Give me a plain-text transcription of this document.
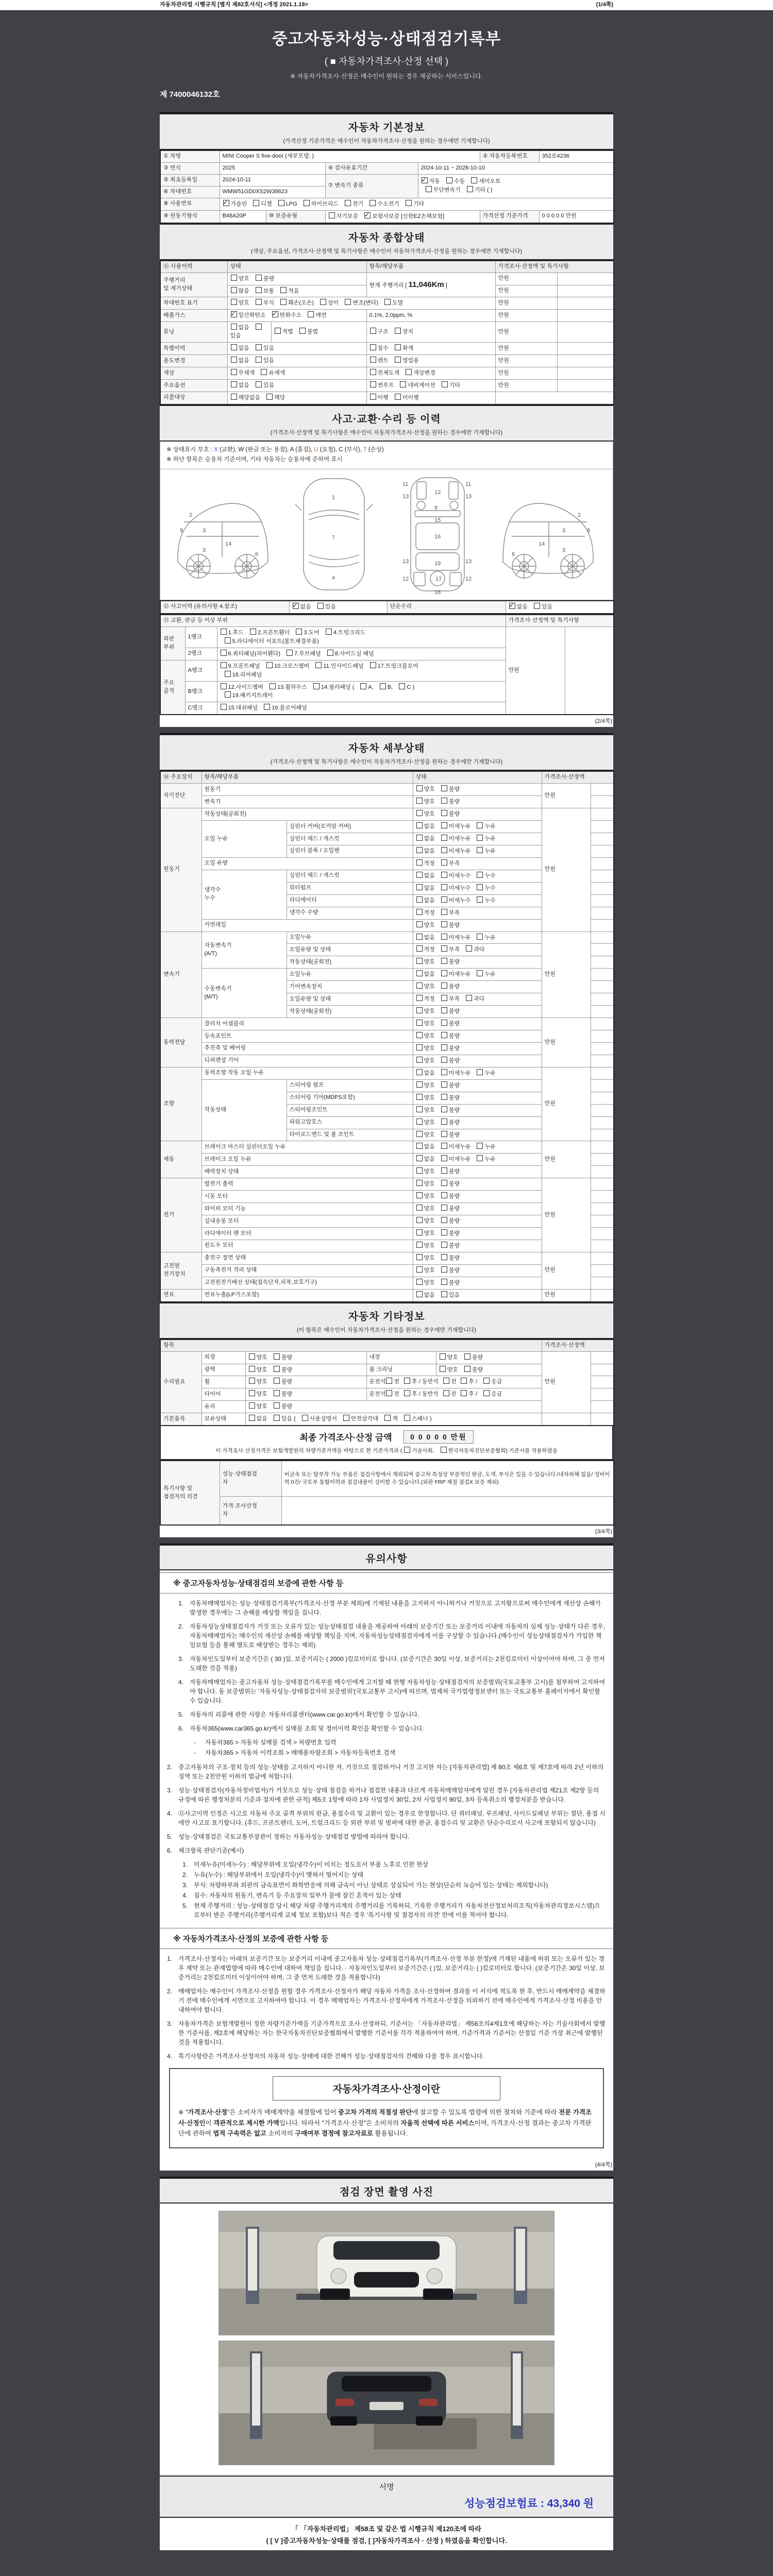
자동차관리법 시행규칙 [별지 제82호서식] <개정 2021.1.19>	(1/4쪽)
중고자동차성능·상태점검기록부
( ■ 자동차가격조사·산정 선택 )
※ 자동차가격조사·산정은 매수인이 원하는 경우 제공하는 서비스입니다.
제 7400046132호
자동차 기본정보
(가격산정 기준가격은 매수인이 자동차가격조사·산정을 원하는 경우에만 기재합니다)
① 차명	MINI Cooper S five-door (세부모델: )				② 자동차등록번호	352로4236
③ 연식	2025		④ 검사유효기간	2024-10-11 ~ 2028-10-10		
⑤ 최초등록일	2024-10-11		⑦ 변속기 종류	✓자동 수동 세미오토
무단변속기 기타 ( )
⑥ 차대번호	WMW51GD0XS2W38623					
⑧ 사용연료	✓가솔린 디젤 LPG 하이브리드 전기 수소전기 기타
⑨ 원동기형식	B48A20P	⑩ 보증유형	자기보증 ✓보험사보증 [신한EZ손해보험]		가격산정 기준가격	0 0 0 0 0 만원
자동차 종합상태
(색상, 주요옵션, 가격조사·산정액 및 특기사항은 매수인이 자동차가격조사·산정을 원하는 경우에만 기재합니다)
⑪ 사용이력	상태		항목/해당부품	가격조사·산정액 및 특기사항	
주행거리
및 계기상태	양호 불량		현재 주행거리 [ 11,046Km ]	만원	
	많음 보통 적음			만원	
차대번호 표기	양호 부식 훼손(오손) 상이 변조(변타) 도말			만원	
배출가스	✓일산화탄소 ✓탄화수소 매연		0.1%, 2.0ppm, %	만원	
튜닝	없음 있음	적법 불법	구조 장치	만원	
특별이력	없음 있음		침수 화재	만원	
용도변경	없음 있음		렌트 영업용	만원	
색상	무채색 유채색		전체도색 색상변경	만원	
주요옵션	없음 있음		썬루프 네비게이션 기타	만원	
리콜대상	해당없음 해당		이행 미이행		
사고·교환·수리 등 이력
(가격조사·산정액 및 특기사항은 매수인이 자동차가격조사·산정을 원하는 경우에만 기재합니다)
※ 상태표시 부호 : X (교환), W (판금 또는 용접), A (흠집), U (요철), C (부식), T (손상)
※ 하단 항목은 승용차 기준이며, 기타 자동차는 승용차에 준하여 표시
2
8	3
3
14
6
1
7
4
11	11
13	13
12
9
15
16
13	13
19
17
12	12
18
2
8
3
3
14
6
⑫ 사고이력 (유의사항 4.참조)	✓없음 있음	단순수리	✓없음 있음
⑬ 교환, 판금 등 이상 부위			가격조사·산정액 및 특기사항	
외판
부위	1랭크	1.후드 2.프론트휀더 3.도어 4.트렁크리드
5.라디에이터 서포트(볼트체결부품)	만원	
	2랭크	6.쿼터패널(리어휀다) 7.루브패널 8.사이드실 패널		
주요
골격	A랭크	9.프론트패널 10.크로스멤버 11.인사이드패널 17.트렁크플로어
18.리어패널		
	B랭크	12.사이드멤버 13.휠하우스 14.필러패널 ( A, B, C )
19.패키지트레이		
	C랭크	15.대쉬패널 16.플로어패널		
(2/4쪽)
자동차 세부상태
(가격조사·산정액 및 특기사항은 매수인이 자동차가격조사·산정을 원하는 경우에만 기재합니다)
⑭ 주요장치	항목/해당부품		상태	가격조사·산정액	
자기진단	원동기		양호 불량	만원	
	변속기		양호 불량		
원동기	작동상태(공회전)		양호 불량	만원	
	오일 누유	실린더 커버(로커암 커버)	없음 미세누유 누유		
		실린더 헤드 / 개스킷	없음 미세누유 누유		
		실린더 블록 / 오일팬	없음 미세누유 누유		
	오일 유량		적정 부족		
	냉각수
누수	실린더 헤드 / 개스킷	없음 미세누수 누수		
		워터펌프	없음 미세누수 누수		
		라디에이터	없음 미세누수 누수		
		냉각수 수량	적정 부족		
	커먼레일		양호 불량		
변속기	자동변속기
(A/T)	오일누유	없음 미세누유 누유	만원	
		오일유량 및 상태	적정 부족 과다		
		작동상태(공회전)	양호 불량		
	수동변속기
(M/T)	오일누유	없음 미세누유 누유		
		기어변속장치	양호 불량		
		오일유량 및 상태	적정 부족 과다		
		작동상태(공회전)	양호 불량		
동력전달	클러치 어셈블리		양호 불량	만원	
	등속죠인트		양호 불량		
	추진축 및 베어링		양호 불량		
	디퍼렌셜 기어		양호 불량		
조향	동력조향 작동 오일 누유		없음 미세누유 누유	만원	
	작동상태	스티어링 펌프	양호 불량		
		스티어링 기어(MDPS포함)	양호 불량		
		스티어링조인트	양호 불량		
		파워고압호스	양호 불량		
		타이로드엔드 및 볼 조인트	양호 불량		
제동	브레이크 마스터 실린더오일 누유		없음 미세누유 누유	만원	
	브레이크 오일 누유		없음 미세누유 누유		
	배력장치 상태		양호 불량		
전기	발전기 출력		양호 불량	만원	
	시동 모터		양호 불량		
	와이퍼 모터 기능		양호 불량		
	실내송풍 모터		양호 불량		
	라디에이터 팬 모터		양호 불량		
	윈도우 모터		양호 불량		
고전원
전기장치	충전구 절연 상태		양호 불량	만원	
	구동축전지 격리 상태		양호 불량		
	고전원전기배선 상태(접속단자,피복,보호기구)		양호 불량		
연료	연료누출(LP가스포함)		없음 있음	만원	
자동차 기타정보
(이 항목은 매수인이 자동차가격조사·산정을 원하는 경우에만 기재합니다)
항목					가격조사·산정액	
수리필요	외장	양호 불량	내장	양호 불량	만원	
	광택	양호 불량	룸 크리닝	양호 불량		
	휠	양호 불량	운전석 전 후 / 동반석 전 후 / 응급			
	타이어	양호 불량	운전석 전 후 / 동반석 전 후 / 응급			
	유리	양호 불량				
기본품목	보유상태	없음 있음 ( 사용설명서 안전삼각대 잭 스패너 )				
최종 가격조사·산정 금액	0 0 0 0 0 만원
이 가격조사·산정가격은 보험개발원의 차량기준가액을 바탕으로 한 기준가격과 ( 기술사회, 한국자동차진단보증협회) 기준서를 적용하였음
특기사항 및
점검자의 의견	성능·상태점검
자	비금속 또는 탈부착 가능 부품은 점검사항에서 제외되며 중고차 특성상 부분적인 판금, 도색, 부식은 있을 수 있습니다./내차피해 없음/ 정비이력 0건/ 국토부 통합이력과 점검내용이 상이할 수 있습니다.(외판 FRP 재질 점검X 보증 제외)
	가격·조사산정
자	
(3/4쪽)
유의사항
※ 중고자동차성능·상태점검의 보증에 관한 사항 등
1. 자동차매매업자는 성능·상태점검기록부(가격조사·산정 부분 제외)에 기재된 내용을 고지하지 아니하거나 거짓으로 고지함으로써 매수인에게 재산상 손해가 발생한 경우에는 그 손해를 배상할 책임을 집니다.
2. 자동차성능상태점검자가 거짓 또는 오류가 있는 성능상태점검 내용을 제공하여 아래의 보증기간 또는 보증거리 이내에 자동차의 실제 성능·상태가 다른 경우, 자동차매매업자는 매수인의 재산상 손해를 배상할 책임을 지며, 자동차성능상태점검자에게 이를 구상할 수 있습니다.(매수인이 성능상태점검자가 가입한 책임보험 등을 통해 별도로 배상받는 경우는 제외)
3. 자동차인도일부터 보증기간은 ( 30 )일, 보증거리는 ( 2000 )킬로미터로 합니다. (보증기간은 30일 이상, 보증거리는 2천킬로미터 이상이어야 하며, 그 중 먼저 도래한 것을 적용)
4. 자동차매매업자는 중고자동차 성능·상태점검기록부를 매수인에게 고지할 때 현행 자동차성능·상태점검자의 보증범위(국토교통부 고시)를 첨부하여 고지하여야 합니다. 동 보증범위는 '자동차성능·상태점검자의 보증범위'(국토교통부 고시)에 따르며, 법제처 국가법령정보센터 또는 국토교통부 홈페이지에서 확인할 수 있습니다.
5. 자동차의 리콜에 관한 사항은 자동차리콜센터(www.car.go.kr)에서 확인할 수 있습니다.
6. 자동차365(www.car365.go.kr)에서 실매물 조회 및 정비이력 확인을 확인할 수 있습니다.
-	자동차365 > 자동차 실매물 검색 > 차량번호 입력
-	자동차365 > 자동차 이력조회 > 매매용차량조회 > 자동차등록번호 검색
2. 중고자동차의 구조·장치 등의 성능·상태를 고지하지 아니한 자, 거짓으로 점검하거나 거짓 고지한 자는 [자동차관리법] 제 80조 제6호 및 제7호에 따라 2년 이하의 징역 또는 2천만원 이하의 벌금에 처합니다.
3. 성능·상태점검자(자동차정비업자)가 거짓으로 성능·상태 점검을 하거나 점검한 내용과 다르게 자동차매매업자에게 알린 경우 [자동차관리법 제21조 제2항 등의 규정에 따른 행정처분의 기준과 절차에 관한 규칙] 제5조 1항에 따라 1차 사업정지 30일, 2차 사업정지 90일, 3차 등록취소의 행정처분을 받습니다.
4. ⑫사고이력 인정은 사고로 자동차 주요 골격 부위의 판금, 용접수리 및 교환이 있는 경우로 한정합니다. 단 쿼터패널, 루프패널, 사이드실패널 부위는 절단, 용접 시에만 사고로 표기합니다. (후드, 프론트펜더, 도어, 트렁크리드 등 외판 부위 및 범퍼에 대한 판금, 용접수리 및 교환은 단순수리로서 사고에 포함되지 않습니다)
5. 성능·상태점검은 국토교통부장관이 정하는 자동차성능·상태점검 방법에 따라야 합니다.
6. 체크항목 판단기준(예시)
1. 미세누유(미세누수) : 해당부위에 오일(냉각수)이 비치는 정도로서 부품 노후로 인한 현상
2. 누유(누수) : 해당부위에서 오일(냉각수)이 맺혀서 떨어지는 상태
3. 부식: 차량하부와 외판의 금속표면이 화학반응에 의해 금속이 아닌 상태로 상실되어 가는 현상(단순히 녹슬어 있는 상태는 제외합니다)
4. 침수: 자동차의 원동기, 변속기 등 주요장치 일부가 물에 잠긴 흔적이 있는 상태
5. 현재 주행거리 : 성능·상태점검 당시 해당 차량 주행거리계의 주행거리를 기록하되, 기록한 주행거리가 자동차전산정보처리조직(자동차관리정보시스템)으로부터 받은 주행거리(주행거리계 교체 정보 포함)보다 적은 경우 '특기사항 및 점검자의 의견' 란에 이를 적어야 합니다.
※ 자동차가격조사·산정의 보증에 관한 사항 등
1. 가격조사·산정자는 아래의 보증기간 또는 보증거리 이내에 중고자동차 성능·상태점검기록부(가격조사·산정 부분 한정)에 기재된 내용에 허위 또는 오류가 있는 경우 계약 또는 관계법령에 따라 매수인에 대하여 책임을 집니다. · 자동차인도일부터 보증기간은 ( )일, 보증거리는 ( )킬로미터로 합니다. (보증기간은 30일 이상, 보증거리는 2천킬로미터 이상이어야 하며, 그 중 먼저 도래한 것을 적용합니다)
2. 매매업자는 매수인이 가격조사·산정을 원할 경우 가격조사·산정자가 해당 자동차 가격을 조사·산정하여 결과를 이 서식에 적도록 한 후, 반드시 매매계약을 체결하기 전에 매수인에게 서면으로 고지하여야 합니다. 이 경우 매매업자는 가격조사·산정자에게 가격조사·산정을 의뢰하기 전에 매수인에게 가격조사·산정 비용을 안내하여야 합니다.
3. 자동차가격은 보험개발원이 정한 차량기준가액을 기준가격으로 조사·산정하되, 기준서는 「자동차관리법」 제58조의4제1호에 해당하는 자는 기술사회에서 발행한 기준서를, 제2호에 해당하는 자는 한국자동차진단보증협회에서 발행한 기준서를 각각 적용하여야 하며, 기준가격과 기준서는 산정일 기준 가장 최근에 발행된 것을 적용합니다.
4. 특기사항란은 가격조사·산정자의 자동차 성능·상태에 대한 견해가 성능·상태점검자의 견해와 다를 경우 표시합니다.
자동차가격조사·산정이란
※ "가격조사·산정"은 소비자가 매매계약을 체결함에 있어 중고차 가격의 적절성 판단에 참고할 수 있도록 법령에 의한 절차와 기준에 따라 전문 가격조사·산정인이 객관적으로 제시한 가액입니다. 따라서 "가격조사·산정"은 소비자의 자율적 선택에 따른 서비스이며, 가격조사·산정 결과는 중고차 가격판단에 관하여 법적 구속력은 없고 소비자의 구매여부 결정에 참고자료로 활용됩니다.
(4/4쪽)
점검 장면 촬영 사진
서명
성능점검보험료 : 43,340 원
「 「자동차관리법」 제58조 및 같은 법 시행규칙 제120조에 따라
( [ V ]중고자동차성능·상태를 점검, [ ]자동차가격조사 · 산정 ) 하였음을 확인합니다.
